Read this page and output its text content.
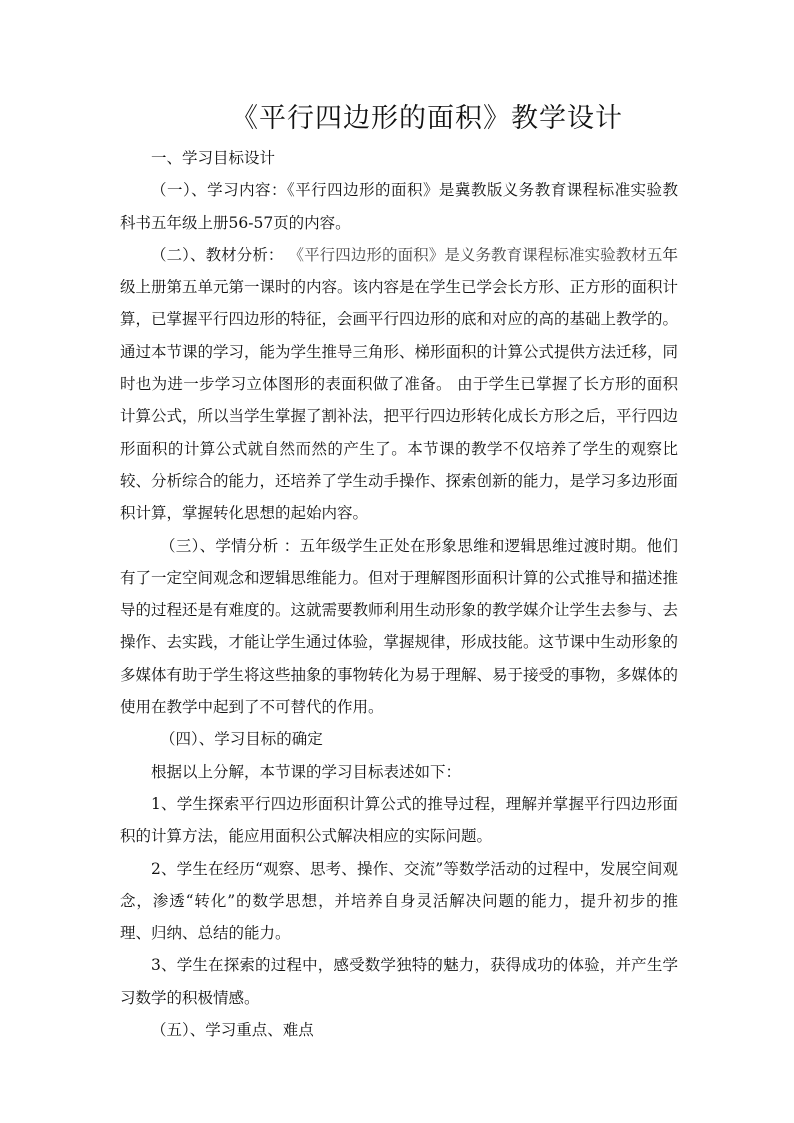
《平行四边形的面积》教学设计

一、学习目标设计

（一）、学习内容：《平行四边形的面积》是冀教版义务教育课程标准实验教科书五年级上册56-57页的内容。

（二）、教材分析： 《平行四边形的面积》是义务教育课程标准实验教材五年级上册第五单元第一课时的内容。该内容是在学生已学会长方形、正方形的面积计算，已掌握平行四边形的特征，会画平行四边形的底和对应的高的基础上教学的。通过本节课的学习，能为学生推导三角形、梯形面积的计算公式提供方法迁移，同时也为进一步学习立体图形的表面积做了准备。 由于学生已掌握了长方形的面积计算公式，所以当学生掌握了割补法，把平行四边形转化成长方形之后，平行四边形面积的计算公式就自然而然的产生了。本节课的教学不仅培养了学生的观察比较、分析综合的能力，还培养了学生动手操作、探索创新的能力，是学习多边形面积计算，掌握转化思想的起始内容。

（三）、学情分析 ：五年级学生正处在形象思维和逻辑思维过渡时期。他们有了一定空间观念和逻辑思维能力。但对于理解图形面积计算的公式推导和描述推导的过程还是有难度的。这就需要教师利用生动形象的教学媒介让学生去参与、去操作、去实践，才能让学生通过体验，掌握规律，形成技能。这节课中生动形象的多媒体有助于学生将这些抽象的事物转化为易于理解、易于接受的事物，多媒体的使用在教学中起到了不可替代的作用。

（四）、学习目标的确定

根据以上分解，本节课的学习目标表述如下：

1、学生探索平行四边形面积计算公式的推导过程，理解并掌握平行四边形面积的计算方法，能应用面积公式解决相应的实际问题。

2、学生在经历“观察、思考、操作、交流”等数学活动的过程中，发展空间观念，渗透“转化”的数学思想，并培养自身灵活解决问题的能力，提升初步的推理、归纳、总结的能力。

3、学生在探索的过程中，感受数学独特的魅力，获得成功的体验，并产生学习数学的积极情感。

（五）、学习重点、难点
